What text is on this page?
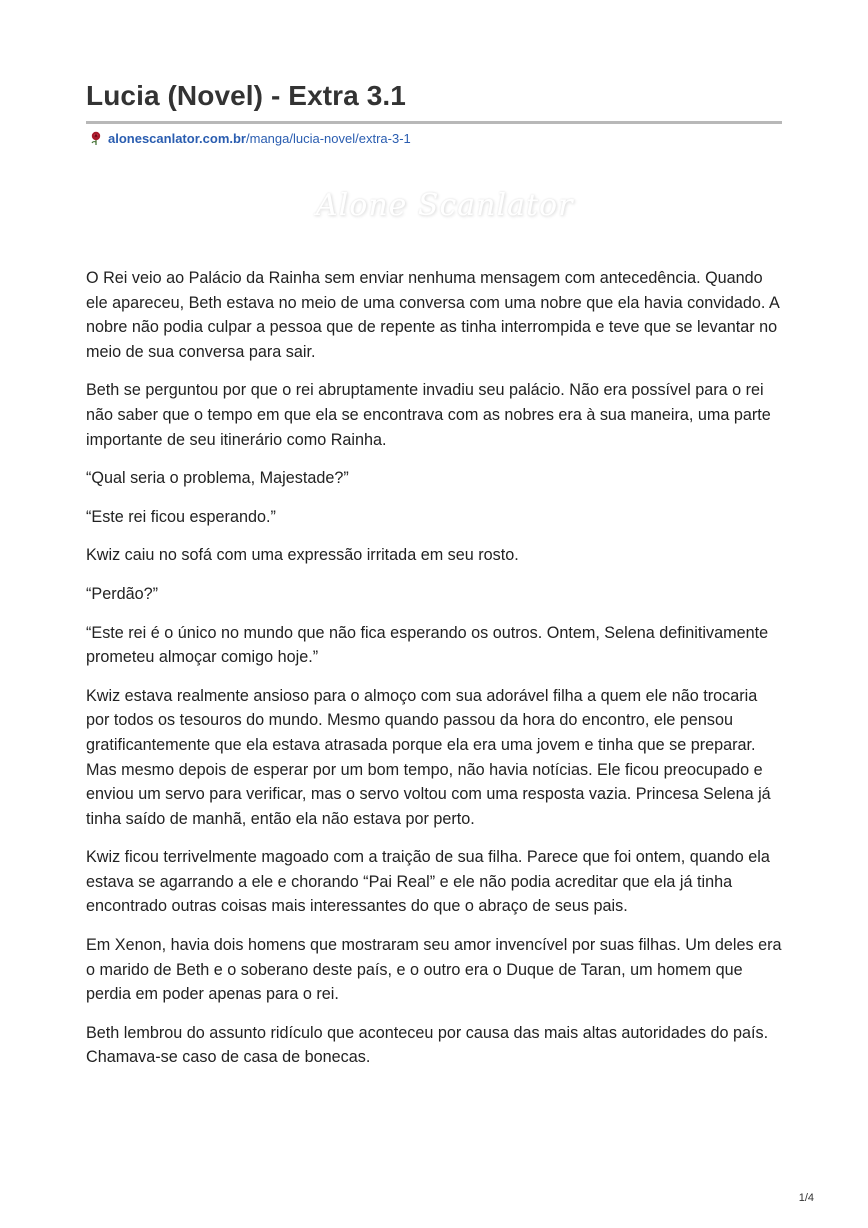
Lucia (Novel) - Extra 3.1
alonescanlator.com.br /manga/lucia-novel/extra-3-1
Alone Scanlator

O Rei veio ao Palácio da Rainha sem enviar nenhuma mensagem com antecedência. Quando ele apareceu, Beth estava no meio de uma conversa com uma nobre que ela havia convidado. A nobre não podia culpar a pessoa que de repente as tinha interrompida e teve que se levantar no meio de sua conversa para sair.

Beth se perguntou por que o rei abruptamente invadiu seu palácio. Não era possível para o rei não saber que o tempo em que ela se encontrava com as nobres era à sua maneira, uma parte importante de seu itinerário como Rainha.

“Qual seria o problema, Majestade?”

“Este rei ficou esperando.”

Kwiz caiu no sofá com uma expressão irritada em seu rosto.

“Perdão?”

“Este rei é o único no mundo que não fica esperando os outros. Ontem, Selena definitivamente prometeu almoçar comigo hoje.”

Kwiz estava realmente ansioso para o almoço com sua adorável filha a quem ele não trocaria por todos os tesouros do mundo. Mesmo quando passou da hora do encontro, ele pensou gratificantemente que ela estava atrasada porque ela era uma jovem e tinha que se preparar. Mas mesmo depois de esperar por um bom tempo, não havia notícias. Ele ficou preocupado e enviou um servo para verificar, mas o servo voltou com uma resposta vazia. Princesa Selena já tinha saído de manhã, então ela não estava por perto.

Kwiz ficou terrivelmente magoado com a traição de sua filha. Parece que foi ontem, quando ela estava se agarrando a ele e chorando “Pai Real” e ele não podia acreditar que ela já tinha encontrado outras coisas mais interessantes do que o abraço de seus pais.

Em Xenon, havia dois homens que mostraram seu amor invencível por suas filhas. Um deles era o marido de Beth e o soberano deste país, e o outro era o Duque de Taran, um homem que perdia em poder apenas para o rei.

Beth lembrou do assunto ridículo que aconteceu por causa das mais altas autoridades do país. Chamava-se caso de casa de bonecas.

1/4
